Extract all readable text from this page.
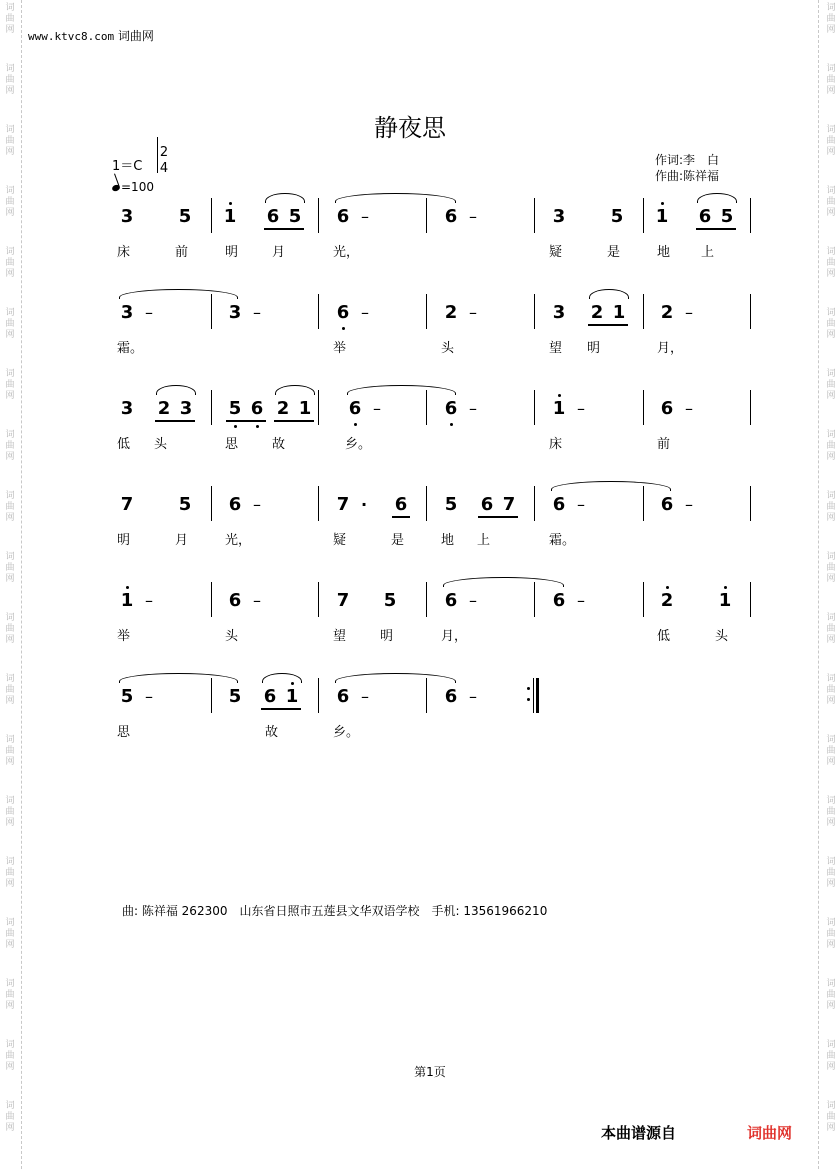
词
曲
网
词
曲
网
词
曲
网
词
曲
网
词
曲
网
词
曲
网
词
曲
网
词
曲
网
词
曲
网
词
曲
网
词
曲
网
词
曲
网
词
曲
网
词
曲
网
词
曲
网
词
曲
网
词
曲
网
词
曲
网
词
曲
网
词
曲
网
词
曲
网
词
曲
网
词
曲
网
词
曲
网
词
曲
网
词
曲
网
词
曲
网
词
曲
网
词
曲
网
词
曲
网
词
曲
网
词
曲
网
词
曲
网
词
曲
网
词
曲
网
词
曲
网
词
曲
网
词
曲
网
www.ktvc8.com 词曲网
静夜思
1＝C
2
4
=100
作词:李　白
作曲:陈祥福
3	5 1 6 5 6 –	6 –	3	5 1 6 5
床	前	明	月	光，	疑	是	地	上
3 –	3 –	6 –	2 –	3 2 1 2 –
霜。	举	头	望	明	月，
3 2 3 5 6 2 1 6 –	6 –	1 –	6 –
低	头	思	故	乡。	床	前
7	5 6 –	7 · 6 5 6 7 6 –	6 –
明	月	光，	疑	是	地	上	霜。
1 –	6 –	7 5	6 –	6 –	2	1
举	头	望	明	月，	低	头
5 –	5 6 1 6 –	6 –
思	故	乡。
曲: 陈祥福 262300　山东省日照市五莲县文华双语学校　手机: 13561966210
第1页
本曲谱源自	词曲网
